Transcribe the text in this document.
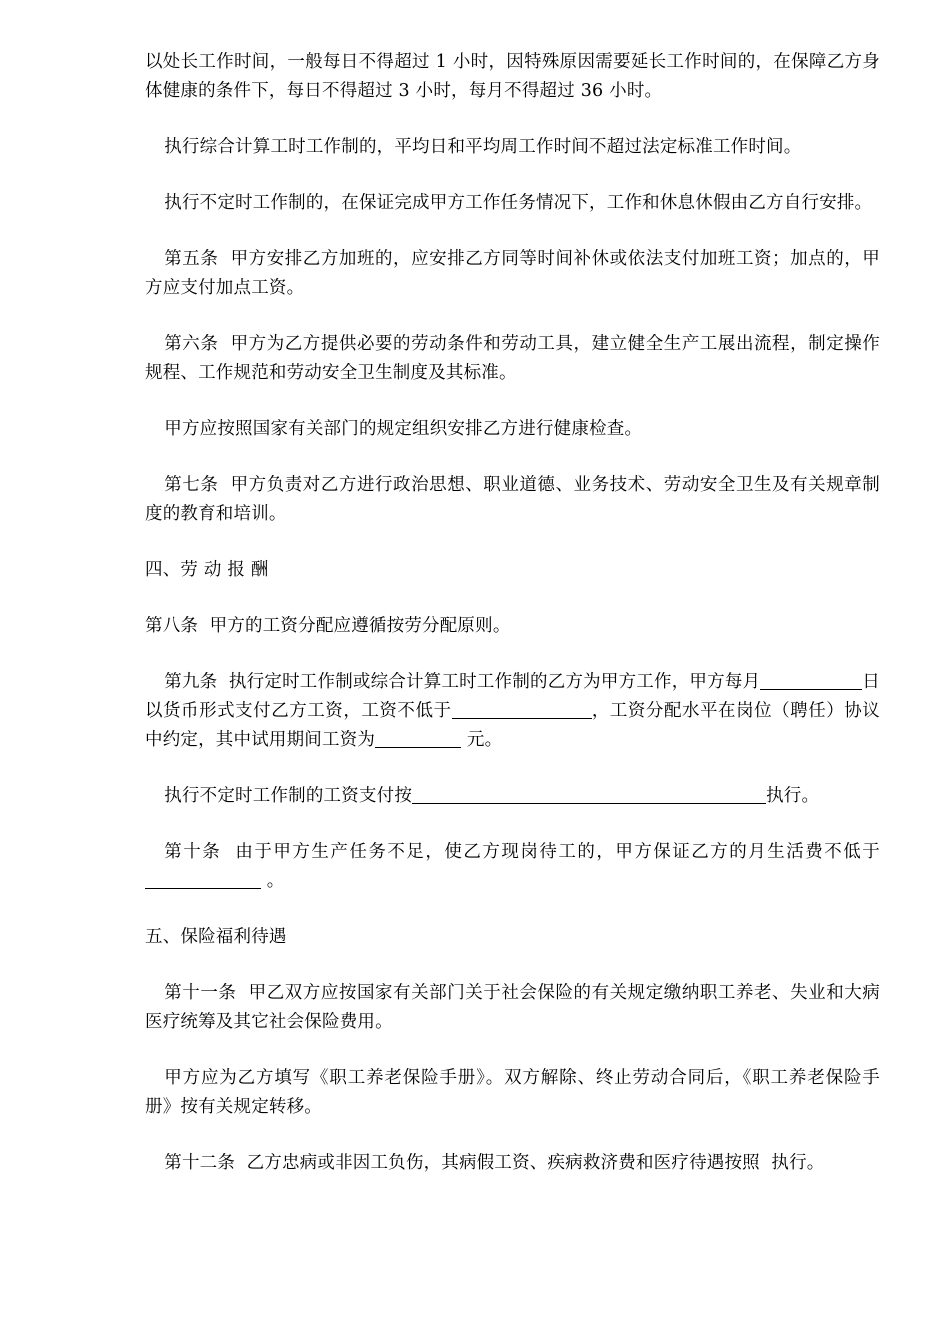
以处长工作时间，一般每日不得超过 1 小时，因特殊原因需要延长工作时间的，在保障乙方身体健康的条件下，每日不得超过 3 小时，每月不得超过 36 小时。

执行综合计算工时工作制的，平均日和平均周工作时间不超过法定标准工作时间。

执行不定时工作制的，在保证完成甲方工作任务情况下，工作和休息休假由乙方自行安排。

第五条  甲方安排乙方加班的，应安排乙方同等时间补休或依法支付加班工资；加点的，甲方应支付加点工资。

第六条  甲方为乙方提供必要的劳动条件和劳动工具，建立健全生产工展出流程，制定操作规程、工作规范和劳动安全卫生制度及其标准。

甲方应按照国家有关部门的规定组织安排乙方进行健康检查。

第七条  甲方负责对乙方进行政治思想、职业道德、业务技术、劳动安全卫生及有关规章制度的教育和培训。

四、劳 动 报 酬

第八条  甲方的工资分配应遵循按劳分配原则。

第九条  执行定时工作制或综合计算工时工作制的乙方为甲方工作，甲方每月	日以货币形式支付乙方工资，工资不低于	，工资分配水平在岗位（聘任）协议中约定，其中试用期间工资为	元。

执行不定时工作制的工资支付按	执行。

第十条  由于甲方生产任务不足，使乙方现岗待工的，甲方保证乙方的月生活费不低于 。

五、保险福利待遇

第十一条  甲乙双方应按国家有关部门关于社会保险的有关规定缴纳职工养老、失业和大病医疗统筹及其它社会保险费用。

甲方应为乙方填写《职工养老保险手册》。双方解除、终止劳动合同后，《职工养老保险手册》按有关规定转移。

第十二条  乙方忠病或非因工负伤，其病假工资、疾病救济费和医疗待遇按照  执行。
